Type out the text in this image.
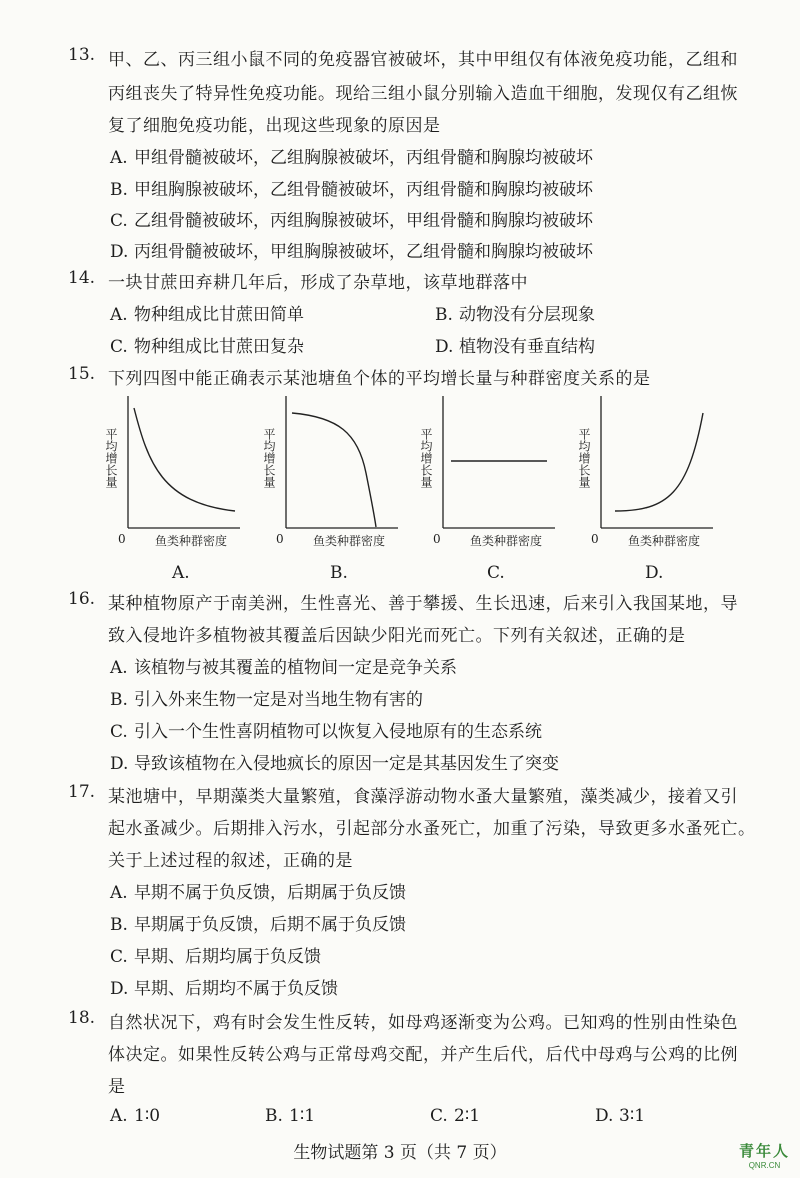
13. 甲、乙、丙三组小鼠不同的免疫器官被破坏，其中甲组仅有体液免疫功能，乙组和
丙组丧失了特异性免疫功能。现给三组小鼠分别输入造血干细胞，发现仅有乙组恢
复了细胞免疫功能，出现这些现象的原因是
A. 甲组骨髓被破坏，乙组胸腺被破坏，丙组骨髓和胸腺均被破坏
B. 甲组胸腺被破坏，乙组骨髓被破坏，丙组骨髓和胸腺均被破坏
C. 乙组骨髓被破坏，丙组胸腺被破坏，甲组骨髓和胸腺均被破坏
D. 丙组骨髓被破坏，甲组胸腺被破坏，乙组骨髓和胸腺均被破坏
14. 一块甘蔗田弃耕几年后，形成了杂草地，该草地群落中
A. 物种组成比甘蔗田简单	B. 动物没有分层现象
C. 物种组成比甘蔗田复杂	D. 植物没有垂直结构
15. 下列四图中能正确表示某池塘鱼个体的平均增长量与种群密度关系的是
平均增长量
0 鱼类种群密度
A.
平均增长量
0 鱼类种群密度
B.
平均增长量
0 鱼类种群密度
C.
平均增长量
0 鱼类种群密度
D.
16. 某种植物原产于南美洲，生性喜光、善于攀援、生长迅速，后来引入我国某地，导
致入侵地许多植物被其覆盖后因缺少阳光而死亡。下列有关叙述，正确的是
A. 该植物与被其覆盖的植物间一定是竞争关系
B. 引入外来生物一定是对当地生物有害的
C. 引入一个生性喜阴植物可以恢复入侵地原有的生态系统
D. 导致该植物在入侵地疯长的原因一定是其基因发生了突变
17. 某池塘中，早期藻类大量繁殖，食藻浮游动物水蚤大量繁殖，藻类减少，接着又引
起水蚤减少。后期排入污水，引起部分水蚤死亡，加重了污染，导致更多水蚤死亡。
关于上述过程的叙述，正确的是
A. 早期不属于负反馈，后期属于负反馈
B. 早期属于负反馈，后期不属于负反馈
C. 早期、后期均属于负反馈
D. 早期、后期均不属于负反馈
18. 自然状况下，鸡有时会发生性反转，如母鸡逐渐变为公鸡。已知鸡的性别由性染色
体决定。如果性反转公鸡与正常母鸡交配，并产生后代，后代中母鸡与公鸡的比例
是
A. 1∶0	B. 1∶1	C. 2∶1	D. 3∶1
生物试题第 3 页（共 7 页）	青年人
QNR.CN
